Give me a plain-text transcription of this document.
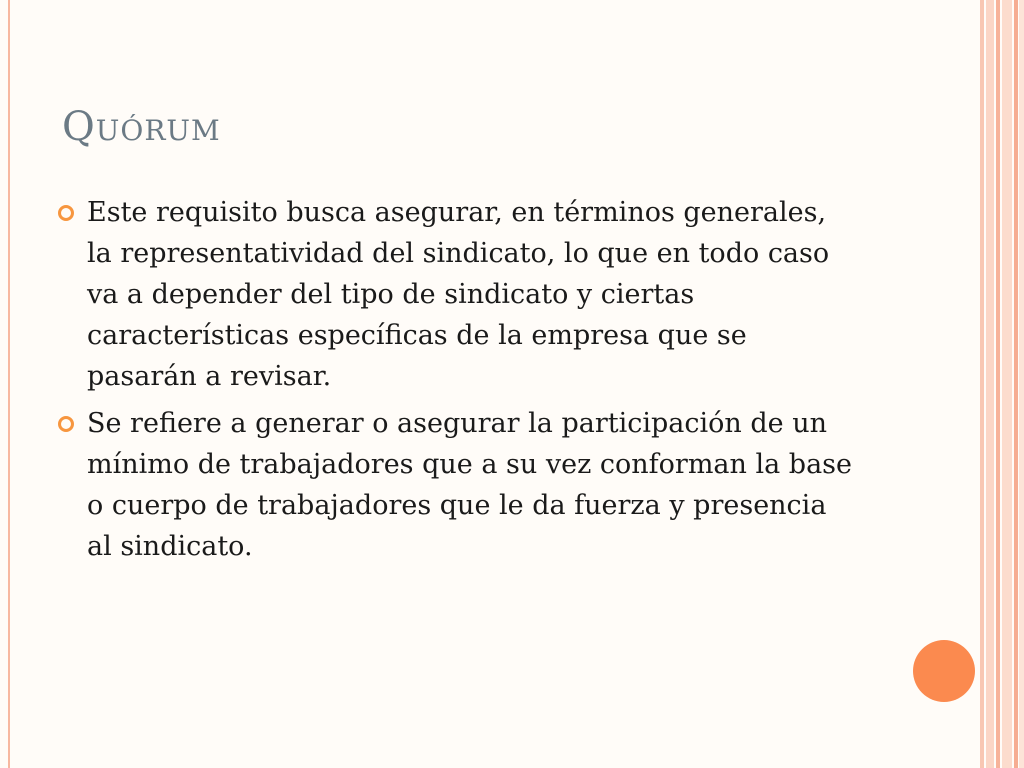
Quórum
Este requisito busca asegurar, en términos generales, la representatividad del sindicato, lo que en todo caso va a depender del tipo de sindicato y ciertas características específicas de la empresa que se pasarán a revisar.
Se refiere a generar o asegurar la participación de un mínimo de trabajadores que a su vez conforman la base o cuerpo de trabajadores que le da fuerza y presencia al sindicato.
